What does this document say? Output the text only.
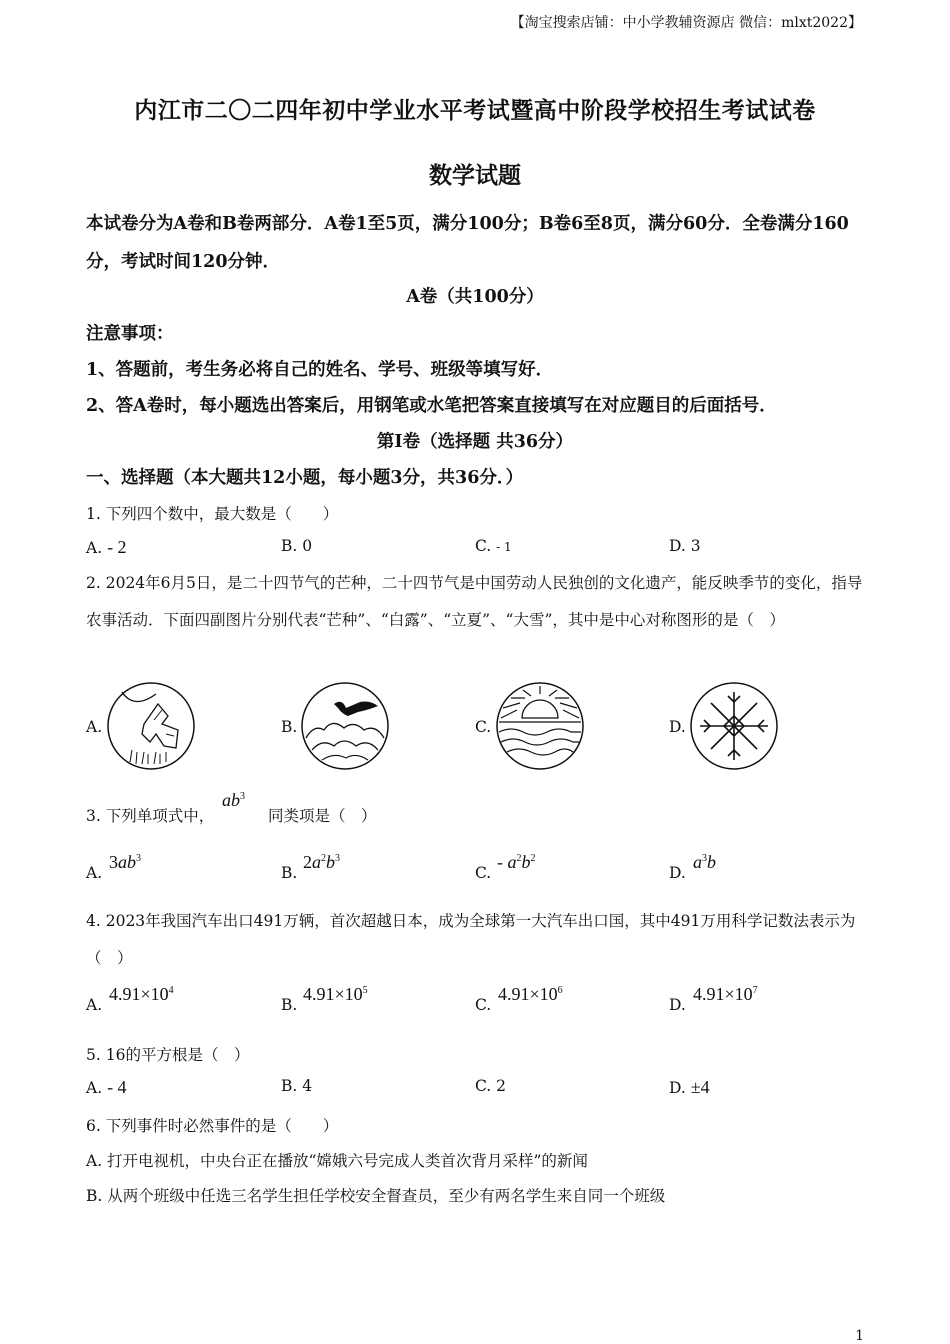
【淘宝搜索店铺：中小学教辅资源店 微信：mlxt2022】
内江市二〇二四年初中学业水平考试暨高中阶段学校招生考试试卷
数学试题
本试卷分为A卷和B卷两部分．A卷1至5页，满分100分；B卷6至8页，满分60分．全卷满分160分，考试时间120分钟．
A卷（共100分）
注意事项：
1、答题前，考生务必将自己的姓名、学号、班级等填写好．
2、答A卷时，每小题选出答案后，用钢笔或水笔把答案直接填写在对应题目的后面括号．
第Ⅰ卷（选择题 共36分）
一、选择题（本大题共12小题，每小题3分，共36分．）
1. 下列四个数中，最大数是（　　）
A. - 2	B. 0	C. - 1	D. 3
2. 2024年6月5日，是二十四节气的芒种，二十四节气是中国劳动人民独创的文化遗产，能反映季节的变化，指导农事活动．下面四副图片分别代表“芒种”、“白露”、“立夏”、“大雪”，其中是中心对称图形的是（　）
A.	B.	C.	D.
3. 下列单项式中，
$ab^3$
同类项是（　）
A.
$3ab^3$
B.
$2a^2b^3$
C.
- $a^2b^2$
D.
$a^3b$
4. 2023年我国汽车出口491万辆，首次超越日本，成为全球第一大汽车出口国，其中491万用科学记数法表示为（　）
A.
$4.91\times 10^4$
B.
$4.91\times 10^5$
C.
$4.91\times 10^6$
D.
$4.91\times 10^7$
5. 16的平方根是（　）
A. - 4	B. 4	C. 2	D. ±4
6. 下列事件时必然事件的是（　　）
A. 打开电视机，中央台正在播放“嫦娥六号完成人类首次背月采样”的新闻
B. 从两个班级中任选三名学生担任学校安全督查员，至少有两名学生来自同一个班级
1
